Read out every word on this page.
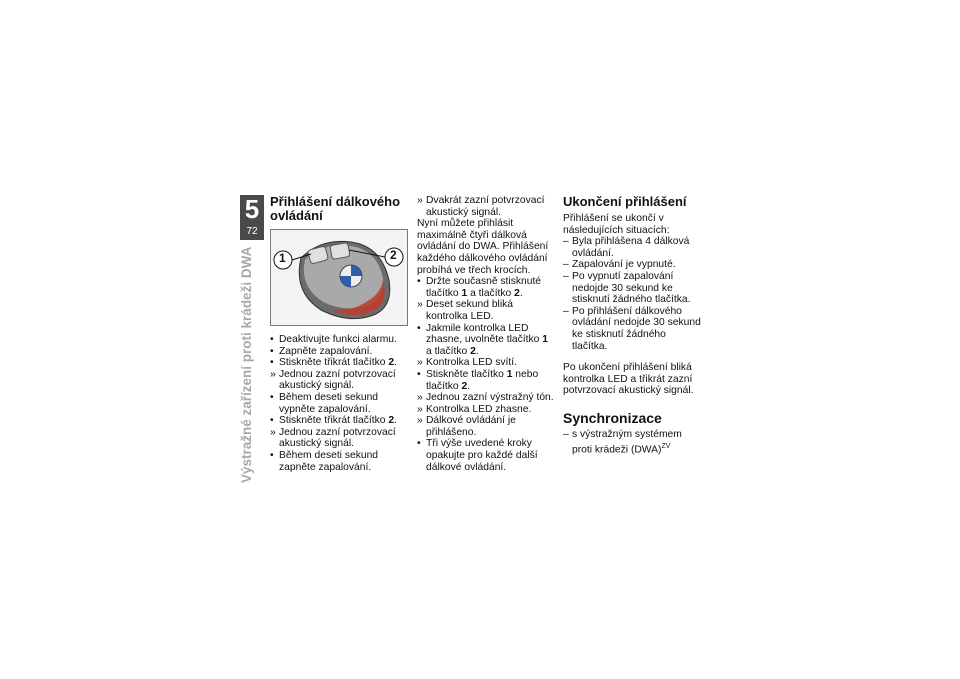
5
72
Výstražné zařízení proti krádeži DWA
Přihlášení dálkového ovládání
1	2
• Deaktivujte funkci alarmu.
• Zapněte zapalování.
• Stiskněte třikrát tlačítko 2.
» Jednou zazní potvrzovací akustický signál.
• Během deseti sekund vypněte zapalování.
• Stiskněte třikrát tlačítko 2.
» Jednou zazní potvrzovací akustický signál.
• Během deseti sekund zapněte zapalování.
» Dvakrát zazní potvrzovací akustický signál.

Nyní můžete přihlásit maximálně čtyři dálková ovládání do DWA. Přihlášení každého dálkového ovládání probíhá ve třech krocích.

• Držte současně stisknuté tlačítko 1 a tlačítko 2.
» Deset sekund bliká kontrolka LED.
• Jakmile kontrolka LED zhasne, uvolněte tlačítko 1 a tlačítko 2.
» Kontrolka LED svítí.
• Stiskněte tlačítko 1 nebo tlačítko 2.
» Jednou zazní výstražný tón.
» Kontrolka LED zhasne.
» Dálkové ovládání je přihlášeno.
• Tři výše uvedené kroky opakujte pro každé další dálkové ovládání.
Ukončení přihlášení

Přihlášení se ukončí v následujících situacích:

– Byla přihlášena 4 dálková ovládání.
– Zapalování je vypnuté.
– Po vypnutí zapalování nedojde 30 sekund ke stisknutí žádného tlačítka.
– Po přihlášení dálkového ovládání nedojde 30 sekund ke stisknutí žádného tlačítka.

Po ukončení přihlášení bliká kontrolka LED a třikrát zazní potvrzovací akustický signál.

Synchronizace
– s výstražným systémem proti krádeži (DWA)$^{ZV}$
